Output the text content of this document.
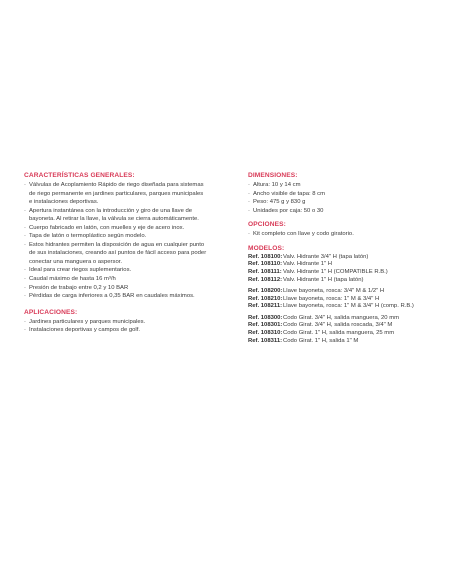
CARACTERÍSTICAS GENERALES:
· Válvulas de Acoplamiento Rápido de riego diseñada para sistemas
de riego permanente en jardines particulares, parques municipales
e instalaciones deportivas.
· Apertura instantánea con la introducción y giro de una llave de
bayoneta. Al retirar la llave, la válvula se cierra automáticamente.
· Cuerpo fabricado en latón, con muelles y eje de acero inox.
· Tapa de latón o termoplástico según modelo.
· Estos hidrantes permiten la disposición de agua en cualquier punto
de sus instalaciones, creando así puntos de fácil acceso para poder
conectar una manguera o aspersor.
· Ideal para crear riegos suplementarios.
· Caudal máximo de hasta 16 m³/h
· Presión de trabajo entre 0,2 y 10 BAR
· Pérdidas de carga inferiores a 0,35 BAR en caudales máximos.
APLICACIONES:
· Jardines particulares y parques municipales.
· Instalaciones deportivas y campos de golf.
DIMENSIONES:
· Altura: 10 y 14 cm
· Ancho visible de tapa: 8 cm
· Peso: 475 g y 830 g
· Unidades por caja: 50 o 30
OPCIONES:
· Kit completo con llave y codo giratorio.
MODELOS:
Ref. 108100: Valv. Hidrante 3/4" H (tapa latón)
Ref. 108110: Valv. Hidrante 1" H
Ref. 108111: Valv. Hidrante 1" H (COMPATIBLE R.B.)
Ref. 108112: Valv. Hidrante 1" H (tapa latón)
Ref. 108200: Llave bayoneta, rosca: 3/4" M & 1/2" H
Ref. 108210: Llave bayoneta, rosca: 1" M & 3/4" H
Ref. 108211: Llave bayoneta, rosca: 1" M & 3/4" H (comp. R.B.)
Ref. 108300: Codo Girat. 3/4" H, salida manguera, 20 mm
Ref. 108301: Codo Girat. 3/4" H, salida roscada, 3/4" M
Ref. 108310: Codo Girat. 1" H, salida manguera, 25 mm
Ref. 108311: Codo Girat. 1" H, salida 1" M
